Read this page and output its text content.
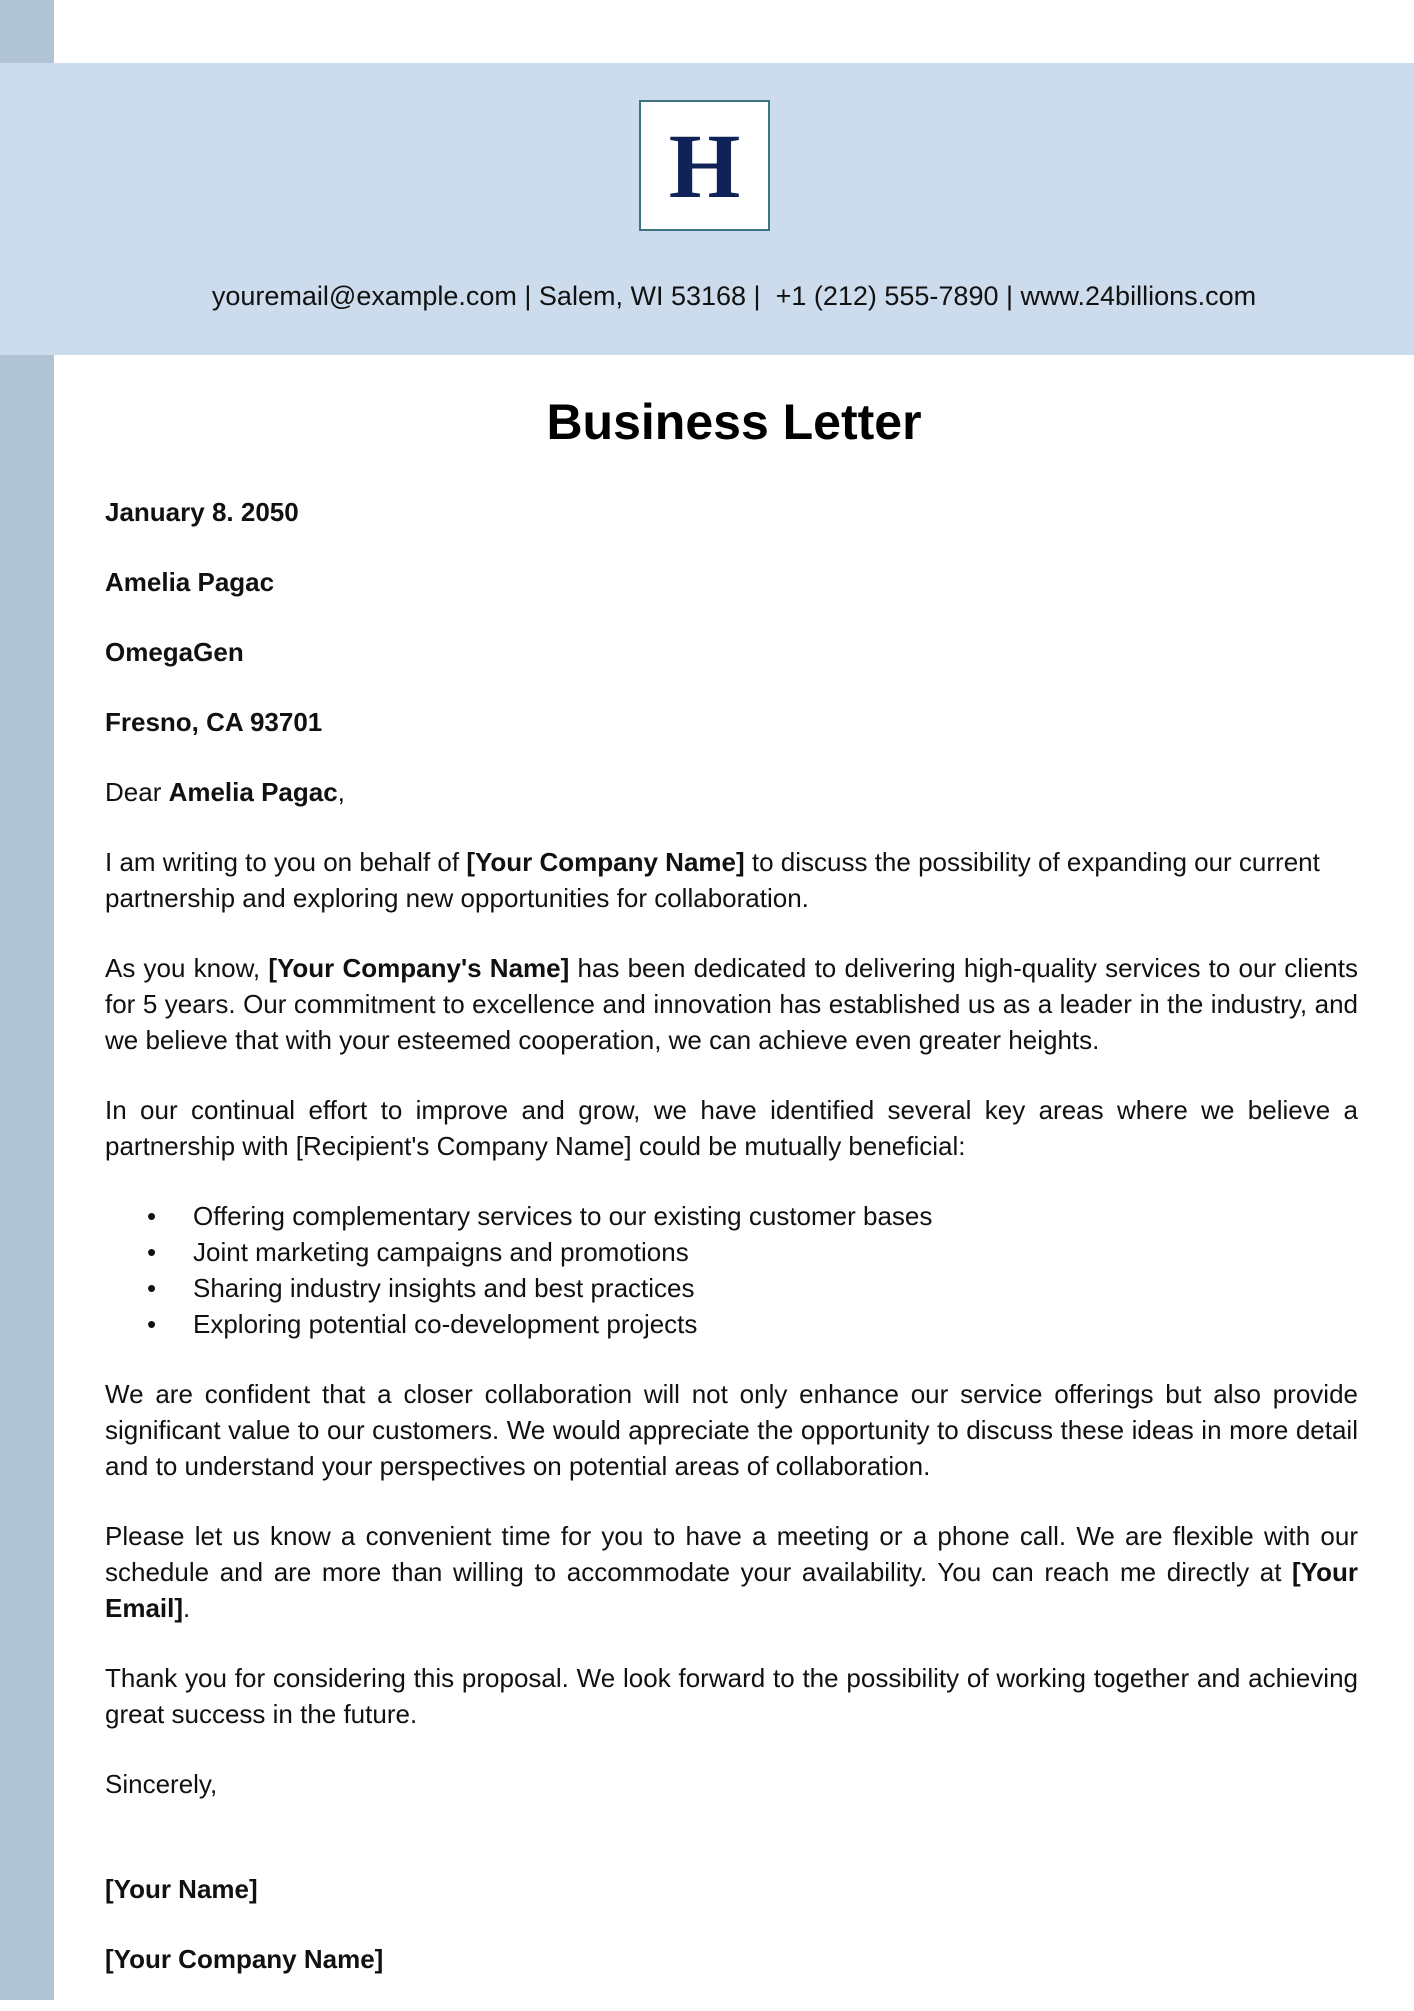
H
youremail@example.com | Salem, WI 53168 |  +1 (212) 555-7890 | www.24billions.com
Business Letter

January 8. 2050

Amelia Pagac

OmegaGen

Fresno, CA 93701

Dear Amelia Pagac,

I am writing to you on behalf of [Your Company Name] to discuss the possibility of expanding our current partnership and exploring new opportunities for collaboration.

As you know, [Your Company's Name] has been dedicated to delivering high-quality services to our clients for 5 years. Our commitment to excellence and innovation has established us as a leader in the industry, and we believe that with your esteemed cooperation, we can achieve even greater heights.

In our continual effort to improve and grow, we have identified several key areas where we believe a partnership with [Recipient's Company Name] could be mutually beneficial:

• Offering complementary services to our existing customer bases
• Joint marketing campaigns and promotions
• Sharing industry insights and best practices
• Exploring potential co-development projects

We are confident that a closer collaboration will not only enhance our service offerings but also provide significant value to our customers. We would appreciate the opportunity to discuss these ideas in more detail and to understand your perspectives on potential areas of collaboration.

Please let us know a convenient time for you to have a meeting or a phone call. We are flexible with our schedule and are more than willing to accommodate your availability. You can reach me directly at [Your Email].

Thank you for considering this proposal. We look forward to the possibility of working together and achieving great success in the future.

Sincerely,

[Your Name]

[Your Company Name]
